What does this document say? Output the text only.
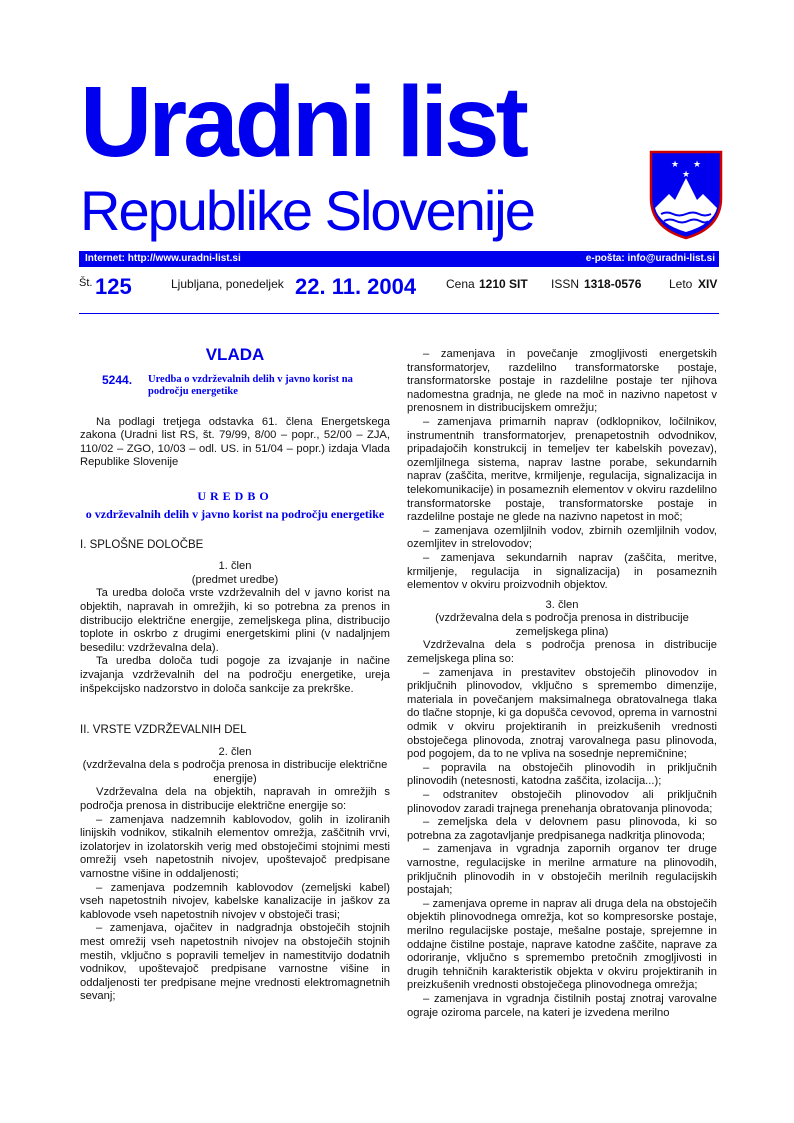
Uradni list
Republike Slovenije
★ ★
★
Internet: http://www.uradni-list.si	e-pošta: info@uradni-list.si
Št. 125	Ljubljana, ponedeljek 22. 11. 2004 Cena 1210 SIT ISSN 1318-0576 Leto XIV
VLADA
5244.	Uredba o vzdrževalnih delih v javno korist na področju energetike

Na podlagi tretjega odstavka 61. člena Energetskega zakona (Uradni list RS, št. 79/99, 8/00 – popr., 52/00 – ZJA, 110/02 – ZGO, 10/03 – odl. US. in 51/04 – popr.) izdaja Vlada Republike Slovenije

UREDBO
o vzdrževalnih delih v javno korist na področju energetike

I. SPLOŠNE DOLOČBE

1. člen

(predmet uredbe)

Ta uredba določa vrste vzdrževalnih del v javno korist na objektih, napravah in omrežjih, ki so potrebna za prenos in distribucijo električne energije, zemeljskega plina, distribucijo toplote in oskrbo z drugimi energetskimi plini (v nadaljnjem besedilu: vzdrževalna dela).

Ta uredba določa tudi pogoje za izvajanje in načine izvajanja vzdrževalnih del na področju energetike, ureja inšpekcijsko nadzorstvo in določa sankcije za prekrške.

II. VRSTE VZDRŽEVALNIH DEL

2. člen

(vzdrževalna dela s področja prenosa in distribucije električne energije)

Vzdrževalna dela na objektih, napravah in omrežjih s področja prenosa in distribucije električne energije so:

– zamenjava nadzemnih kablovodov, golih in izoliranih linijskih vodnikov, stikalnih elementov omrežja, zaščitnih vrvi, izolatorjev in izolatorskih verig med obstoječimi stojnimi mesti omrežij vseh napetostnih nivojev, upoštevajoč predpisane varnostne višine in oddaljenosti;

– zamenjava podzemnih kablovodov (zemeljski kabel) vseh napetostnih nivojev, kabelske kanalizacije in jaškov za kablovode vseh napetostnih nivojev v obstoječi trasi;

– zamenjava, ojačitev in nadgradnja obstoječih stojnih mest omrežij vseh napetostnih nivojev na obstoječih stojnih mestih, vključno s popravili temeljev in namestitvijo dodatnih vodnikov, upoštevajoč predpisane varnostne višine in oddaljenosti ter predpisane mejne vrednosti elektromagnetnih sevanj;

– zamenjava in povečanje zmogljivosti energetskih transformatorjev, razdelilno transformatorske postaje, transformatorske postaje in razdelilne postaje ter njihova nadomestna gradnja, ne glede na moč in nazivno napetost v prenosnem in distribucijskem omrežju;

– zamenjava primarnih naprav (odklopnikov, ločilnikov, instrumentnih transformatorjev, prenapetostnih odvodnikov, pripadajočih konstrukcij in temeljev ter kabelskih povezav), ozemljilnega sistema, naprav lastne porabe, sekundarnih naprav (zaščita, meritve, krmiljenje, regulacija, signalizacija in telekomunikacije) in posameznih elementov v okviru razdelilno transformatorske postaje, transformatorske postaje in razdelilne postaje ne glede na nazivno napetost in moč;

– zamenjava ozemljilnih vodov, zbirnih ozemljilnih vodov, ozemljitev in strelovodov;

– zamenjava sekundarnih naprav (zaščita, meritve, krmiljenje, regulacija in signalizacija) in posameznih elementov v okviru proizvodnih objektov.

3. člen

(vzdrževalna dela s področja prenosa in distribucije zemeljskega plina)

Vzdrževalna dela s področja prenosa in distribucije zemeljskega plina so:

– zamenjava in prestavitev obstoječih plinovodov in priključnih plinovodov, vključno s spremembo dimenzije, materiala in povečanjem maksimalnega obratovalnega tlaka do tlačne stopnje, ki ga dopušča cevovod, oprema in varnostni odmik v okviru projektiranih in preizkušenih vrednosti obstoječega plinovoda, znotraj varovalnega pasu plinovoda, pod pogojem, da to ne vpliva na sosednje nepremičnine;

– popravila na obstoječih plinovodih in priključnih plinovodih (netesnosti, katodna zaščita, izolacija...);

– odstranitev obstoječih plinovodov ali priključnih plinovodov zaradi trajnega prenehanja obratovanja plinovoda;

– zemeljska dela v delovnem pasu plinovoda, ki so potrebna za zagotavljanje predpisanega nadkritja plinovoda;

– zamenjava in vgradnja zapornih organov ter druge varnostne, regulacijske in merilne armature na plinovodih, priključnih plinovodih in v obstoječih merilnih regulacijskih postajah;

– zamenjava opreme in naprav ali druga dela na obstoječih objektih plinovodnega omrežja, kot so kompresorske postaje, merilno regulacijske postaje, mešalne postaje, sprejemne in oddajne čistilne postaje, naprave katodne zaščite, naprave za odoriranje, vključno s spremembo pretočnih zmogljivosti in drugih tehničnih karakteristik objekta v okviru projektiranih in preizkušenih vrednosti obstoječega plinovodnega omrežja;

– zamenjava in vgradnja čistilnih postaj znotraj varovalne ograje oziroma parcele, na kateri je izvedena merilno
